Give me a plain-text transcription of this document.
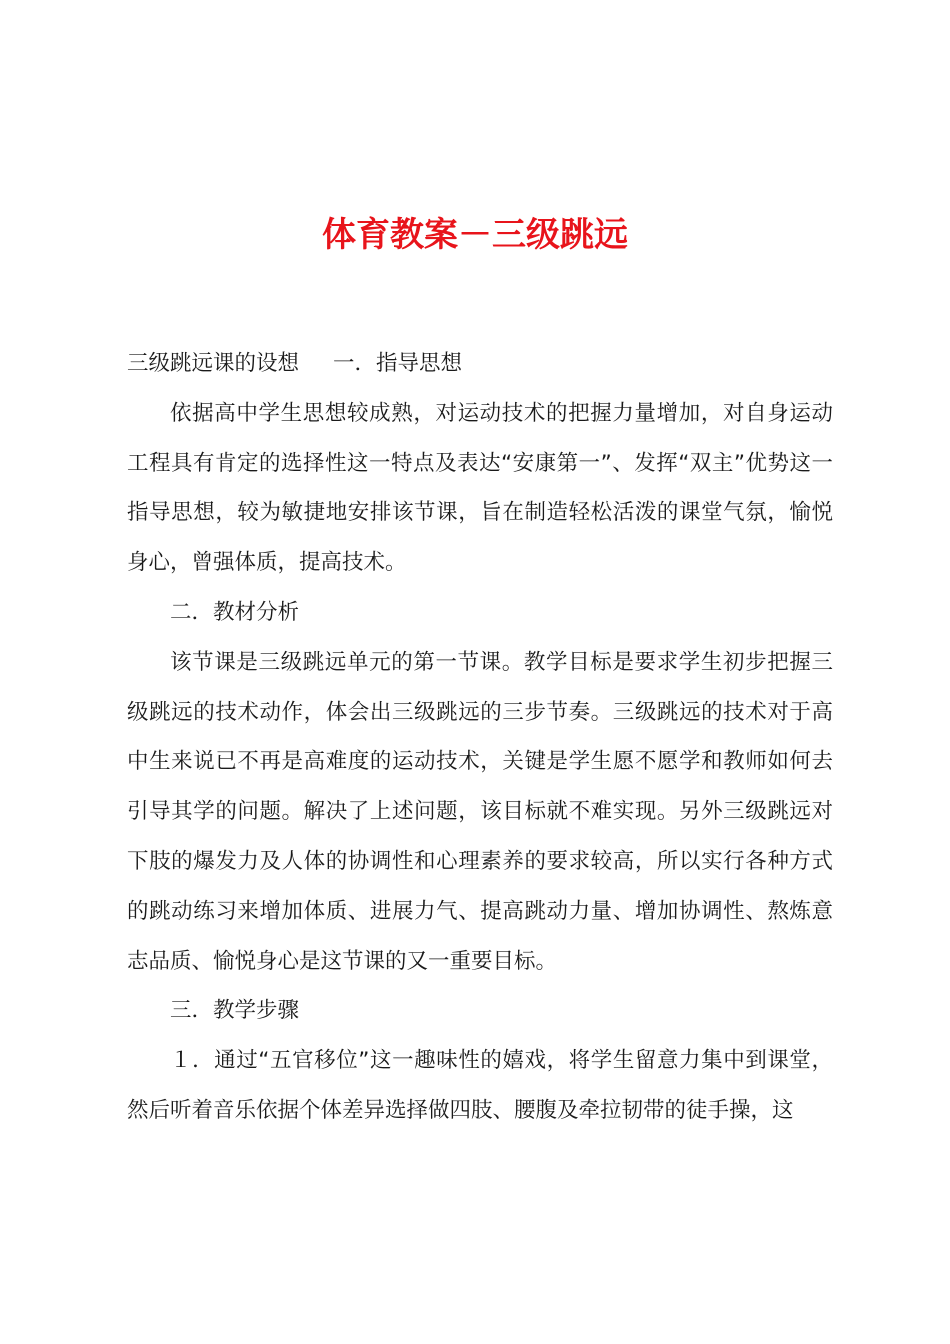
体育教案－三级跳远

三级跳远课的设想 一．指导思想

依据高中学生思想较成熟，对运动技术的把握力量增加，对自身运动工程具有肯定的选择性这一特点及表达“安康第一”、发挥“双主”优势这一指导思想，较为敏捷地安排该节课，旨在制造轻松活泼的课堂气氛，愉悦身心，曾强体质，提高技术。

二．教材分析

该节课是三级跳远单元的第一节课。教学目标是要求学生初步把握三级跳远的技术动作，体会出三级跳远的三步节奏。三级跳远的技术对于高中生来说已不再是高难度的运动技术，关键是学生愿不愿学和教师如何去引导其学的问题。解决了上述问题，该目标就不难实现。另外三级跳远对下肢的爆发力及人体的协调性和心理素养的要求较高，所以实行各种方式的跳动练习来增加体质、进展力气、提高跳动力量、增加协调性、熬炼意志品质、愉悦身心是这节课的又一重要目标。

三．教学步骤

１．通过“五官移位”这一趣味性的嬉戏，将学生留意力集中到课堂，然后听着音乐依据个体差异选择做四肢、腰腹及牵拉韧带的徒手操，这
